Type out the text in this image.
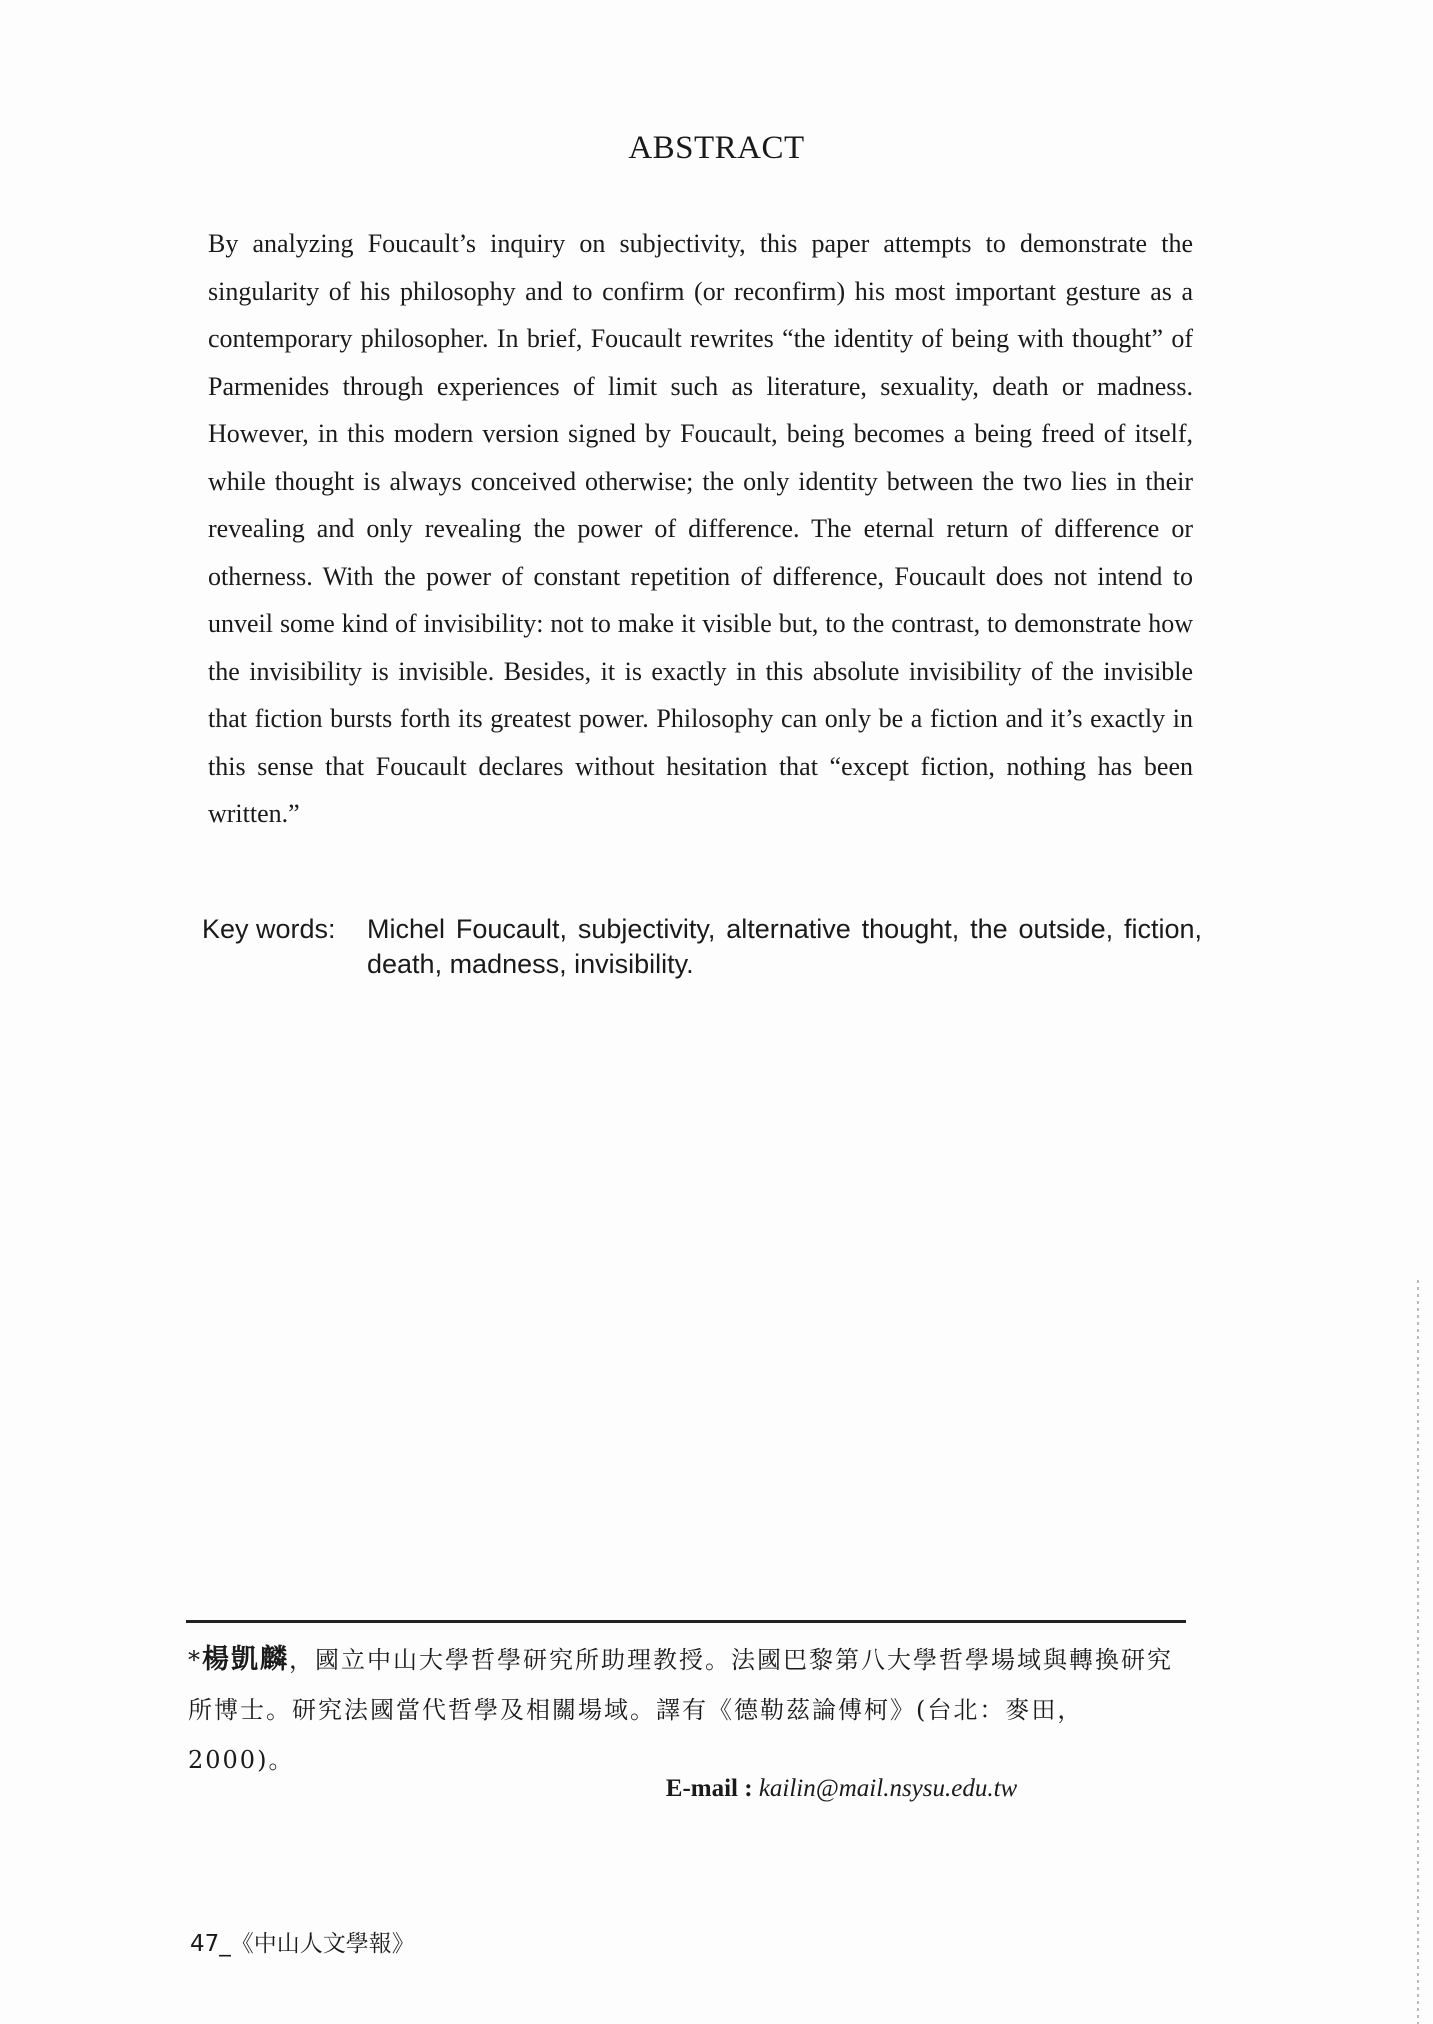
ABSTRACT
By analyzing Foucault’s inquiry on subjectivity, this paper attempts to demonstrate the singularity of his philosophy and to confirm (or reconfirm) his most important gesture as a contemporary philosopher. In brief, Foucault rewrites “the identity of being with thought” of Parmenides through experiences of limit such as literature, sexuality, death or madness. However, in this modern version signed by Foucault, being becomes a being freed of itself, while thought is always conceived otherwise; the only identity between the two lies in their revealing and only revealing the power of difference. The eternal return of difference or otherness. With the power of constant repetition of difference, Foucault does not intend to unveil some kind of invisibility: not to make it visible but, to the contrast, to demonstrate how the invisibility is invisible. Besides, it is exactly in this absolute invisibility of the invisible that fiction bursts forth its greatest power. Philosophy can only be a fiction and it’s exactly in this sense that Foucault declares without hesitation that “except fiction, nothing has been written.”
Key words:	Michel Foucault, subjectivity, alternative thought, the outside, fiction, death, madness, invisibility.
*楊凱麟，國立中山大學哲學研究所助理教授。法國巴黎第八大學哲學場域與轉換研究所博士。研究法國當代哲學及相關場域。譯有《德勒茲論傅柯》(台北：麥田，2000)。
E-mail : kailin@mail.nsysu.edu.tw
47_《中山人文學報》
